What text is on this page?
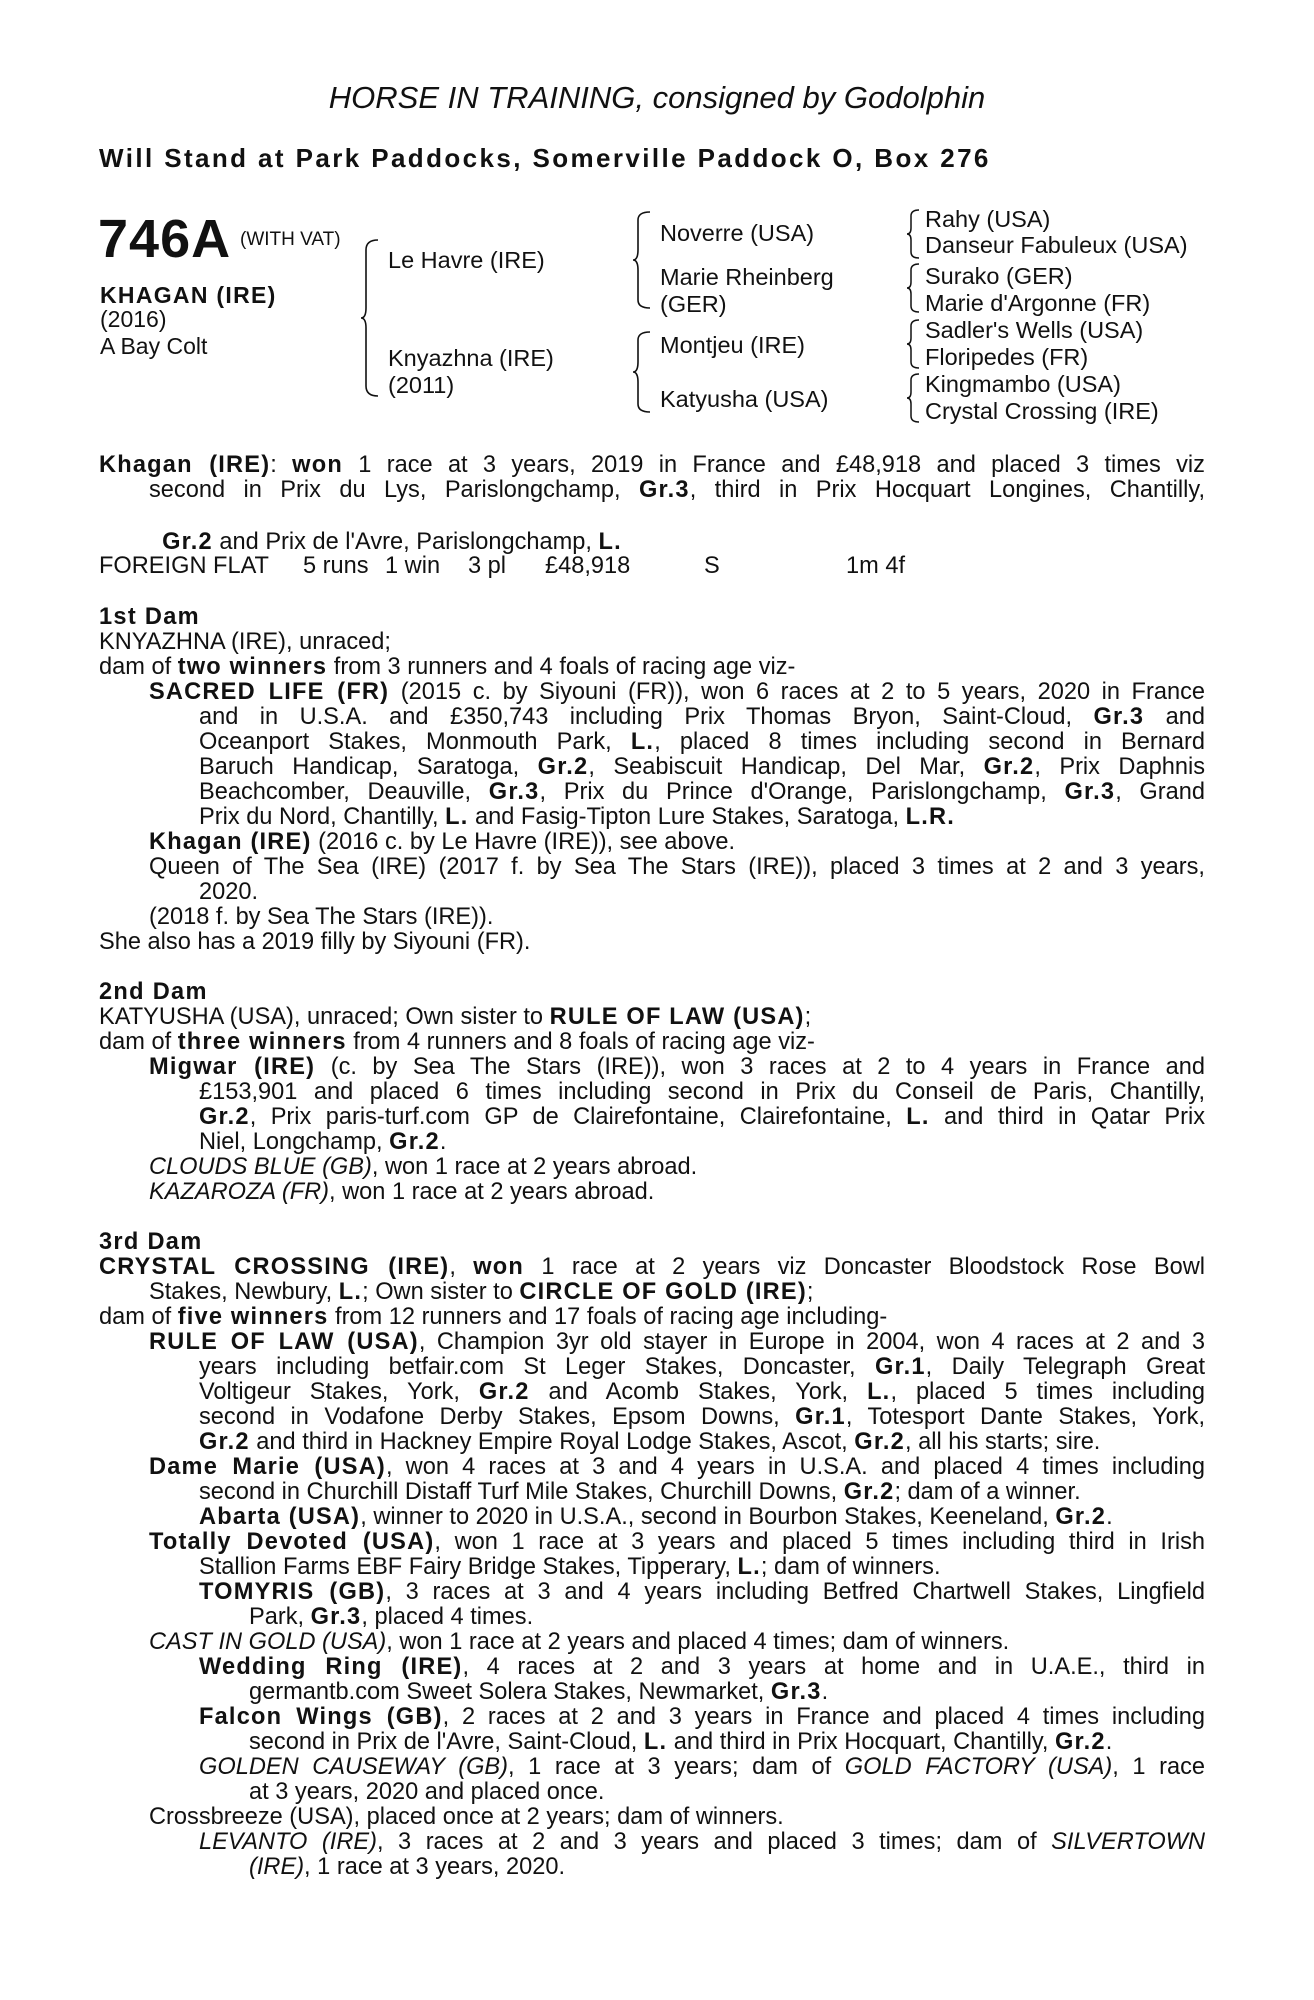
HORSE IN TRAINING, consigned by Godolphin
Will Stand at Park Paddocks, Somerville Paddock O, Box 276
746A (WITH VAT)
KHAGAN (IRE)
(2016)
A Bay Colt
Le Havre (IRE)
Knyazhna (IRE)
(2011)
Noverre (USA)
Marie Rheinberg
(GER)
Montjeu (IRE)
Katyusha (USA)
Rahy (USA)
Danseur Fabuleux (USA)
Surako (GER)
Marie d'Argonne (FR)
Sadler's Wells (USA)
Floripedes (FR)
Kingmambo (USA)
Crystal Crossing (IRE)
Khagan (IRE): won 1 race at 3 years, 2019 in France and £48,918 and placed 3 times viz
second in Prix du Lys, Parislongchamp, Gr.3, third in Prix Hocquart Longines, Chantilly,

Gr.2 and Prix de l'Avre, Parislongchamp, L.

FOREIGN FLAT 5 runs 1 win 3 pl £48,918	S	1m 4f
1st Dam
KNYAZHNA (IRE), unraced;
dam of two winners from 3 runners and 4 foals of racing age viz-
SACRED LIFE (FR) (2015 c. by Siyouni (FR)), won 6 races at 2 to 5 years, 2020 in France
and in U.S.A. and £350,743 including Prix Thomas Bryon, Saint-Cloud, Gr.3 and
Oceanport Stakes, Monmouth Park, L., placed 8 times including second in Bernard
Baruch Handicap, Saratoga, Gr.2, Seabiscuit Handicap, Del Mar, Gr.2, Prix Daphnis
Beachcomber, Deauville, Gr.3, Prix du Prince d'Orange, Parislongchamp, Gr.3, Grand
Prix du Nord, Chantilly, L. and Fasig-Tipton Lure Stakes, Saratoga, L.R.
Khagan (IRE) (2016 c. by Le Havre (IRE)), see above.
Queen of The Sea (IRE) (2017 f. by Sea The Stars (IRE)), placed 3 times at 2 and 3 years,
2020.
(2018 f. by Sea The Stars (IRE)).
She also has a 2019 filly by Siyouni (FR).
2nd Dam
KATYUSHA (USA), unraced; Own sister to RULE OF LAW (USA);
dam of three winners from 4 runners and 8 foals of racing age viz-
Migwar (IRE) (c. by Sea The Stars (IRE)), won 3 races at 2 to 4 years in France and
£153,901 and placed 6 times including second in Prix du Conseil de Paris, Chantilly,
Gr.2, Prix paris-turf.com GP de Clairefontaine, Clairefontaine, L. and third in Qatar Prix
Niel, Longchamp, Gr.2.
CLOUDS BLUE (GB), won 1 race at 2 years abroad.
KAZAROZA (FR), won 1 race at 2 years abroad.
3rd Dam
CRYSTAL CROSSING (IRE), won 1 race at 2 years viz Doncaster Bloodstock Rose Bowl
Stakes, Newbury, L.; Own sister to CIRCLE OF GOLD (IRE);
dam of five winners from 12 runners and 17 foals of racing age including-
RULE OF LAW (USA), Champion 3yr old stayer in Europe in 2004, won 4 races at 2 and 3
years including betfair.com St Leger Stakes, Doncaster, Gr.1, Daily Telegraph Great
Voltigeur Stakes, York, Gr.2 and Acomb Stakes, York, L., placed 5 times including
second in Vodafone Derby Stakes, Epsom Downs, Gr.1, Totesport Dante Stakes, York,
Gr.2 and third in Hackney Empire Royal Lodge Stakes, Ascot, Gr.2, all his starts; sire.
Dame Marie (USA), won 4 races at 3 and 4 years in U.S.A. and placed 4 times including
second in Churchill Distaff Turf Mile Stakes, Churchill Downs, Gr.2; dam of a winner.
Abarta (USA), winner to 2020 in U.S.A., second in Bourbon Stakes, Keeneland, Gr.2.
Totally Devoted (USA), won 1 race at 3 years and placed 5 times including third in Irish
Stallion Farms EBF Fairy Bridge Stakes, Tipperary, L.; dam of winners.
TOMYRIS (GB), 3 races at 3 and 4 years including Betfred Chartwell Stakes, Lingfield
Park, Gr.3, placed 4 times.
CAST IN GOLD (USA), won 1 race at 2 years and placed 4 times; dam of winners.
Wedding Ring (IRE), 4 races at 2 and 3 years at home and in U.A.E., third in
germantb.com Sweet Solera Stakes, Newmarket, Gr.3.
Falcon Wings (GB), 2 races at 2 and 3 years in France and placed 4 times including
second in Prix de l'Avre, Saint-Cloud, L. and third in Prix Hocquart, Chantilly, Gr.2.
GOLDEN CAUSEWAY (GB), 1 race at 3 years; dam of GOLD FACTORY (USA), 1 race
at 3 years, 2020 and placed once.
Crossbreeze (USA), placed once at 2 years; dam of winners.
LEVANTO (IRE), 3 races at 2 and 3 years and placed 3 times; dam of SILVERTOWN
(IRE), 1 race at 3 years, 2020.
